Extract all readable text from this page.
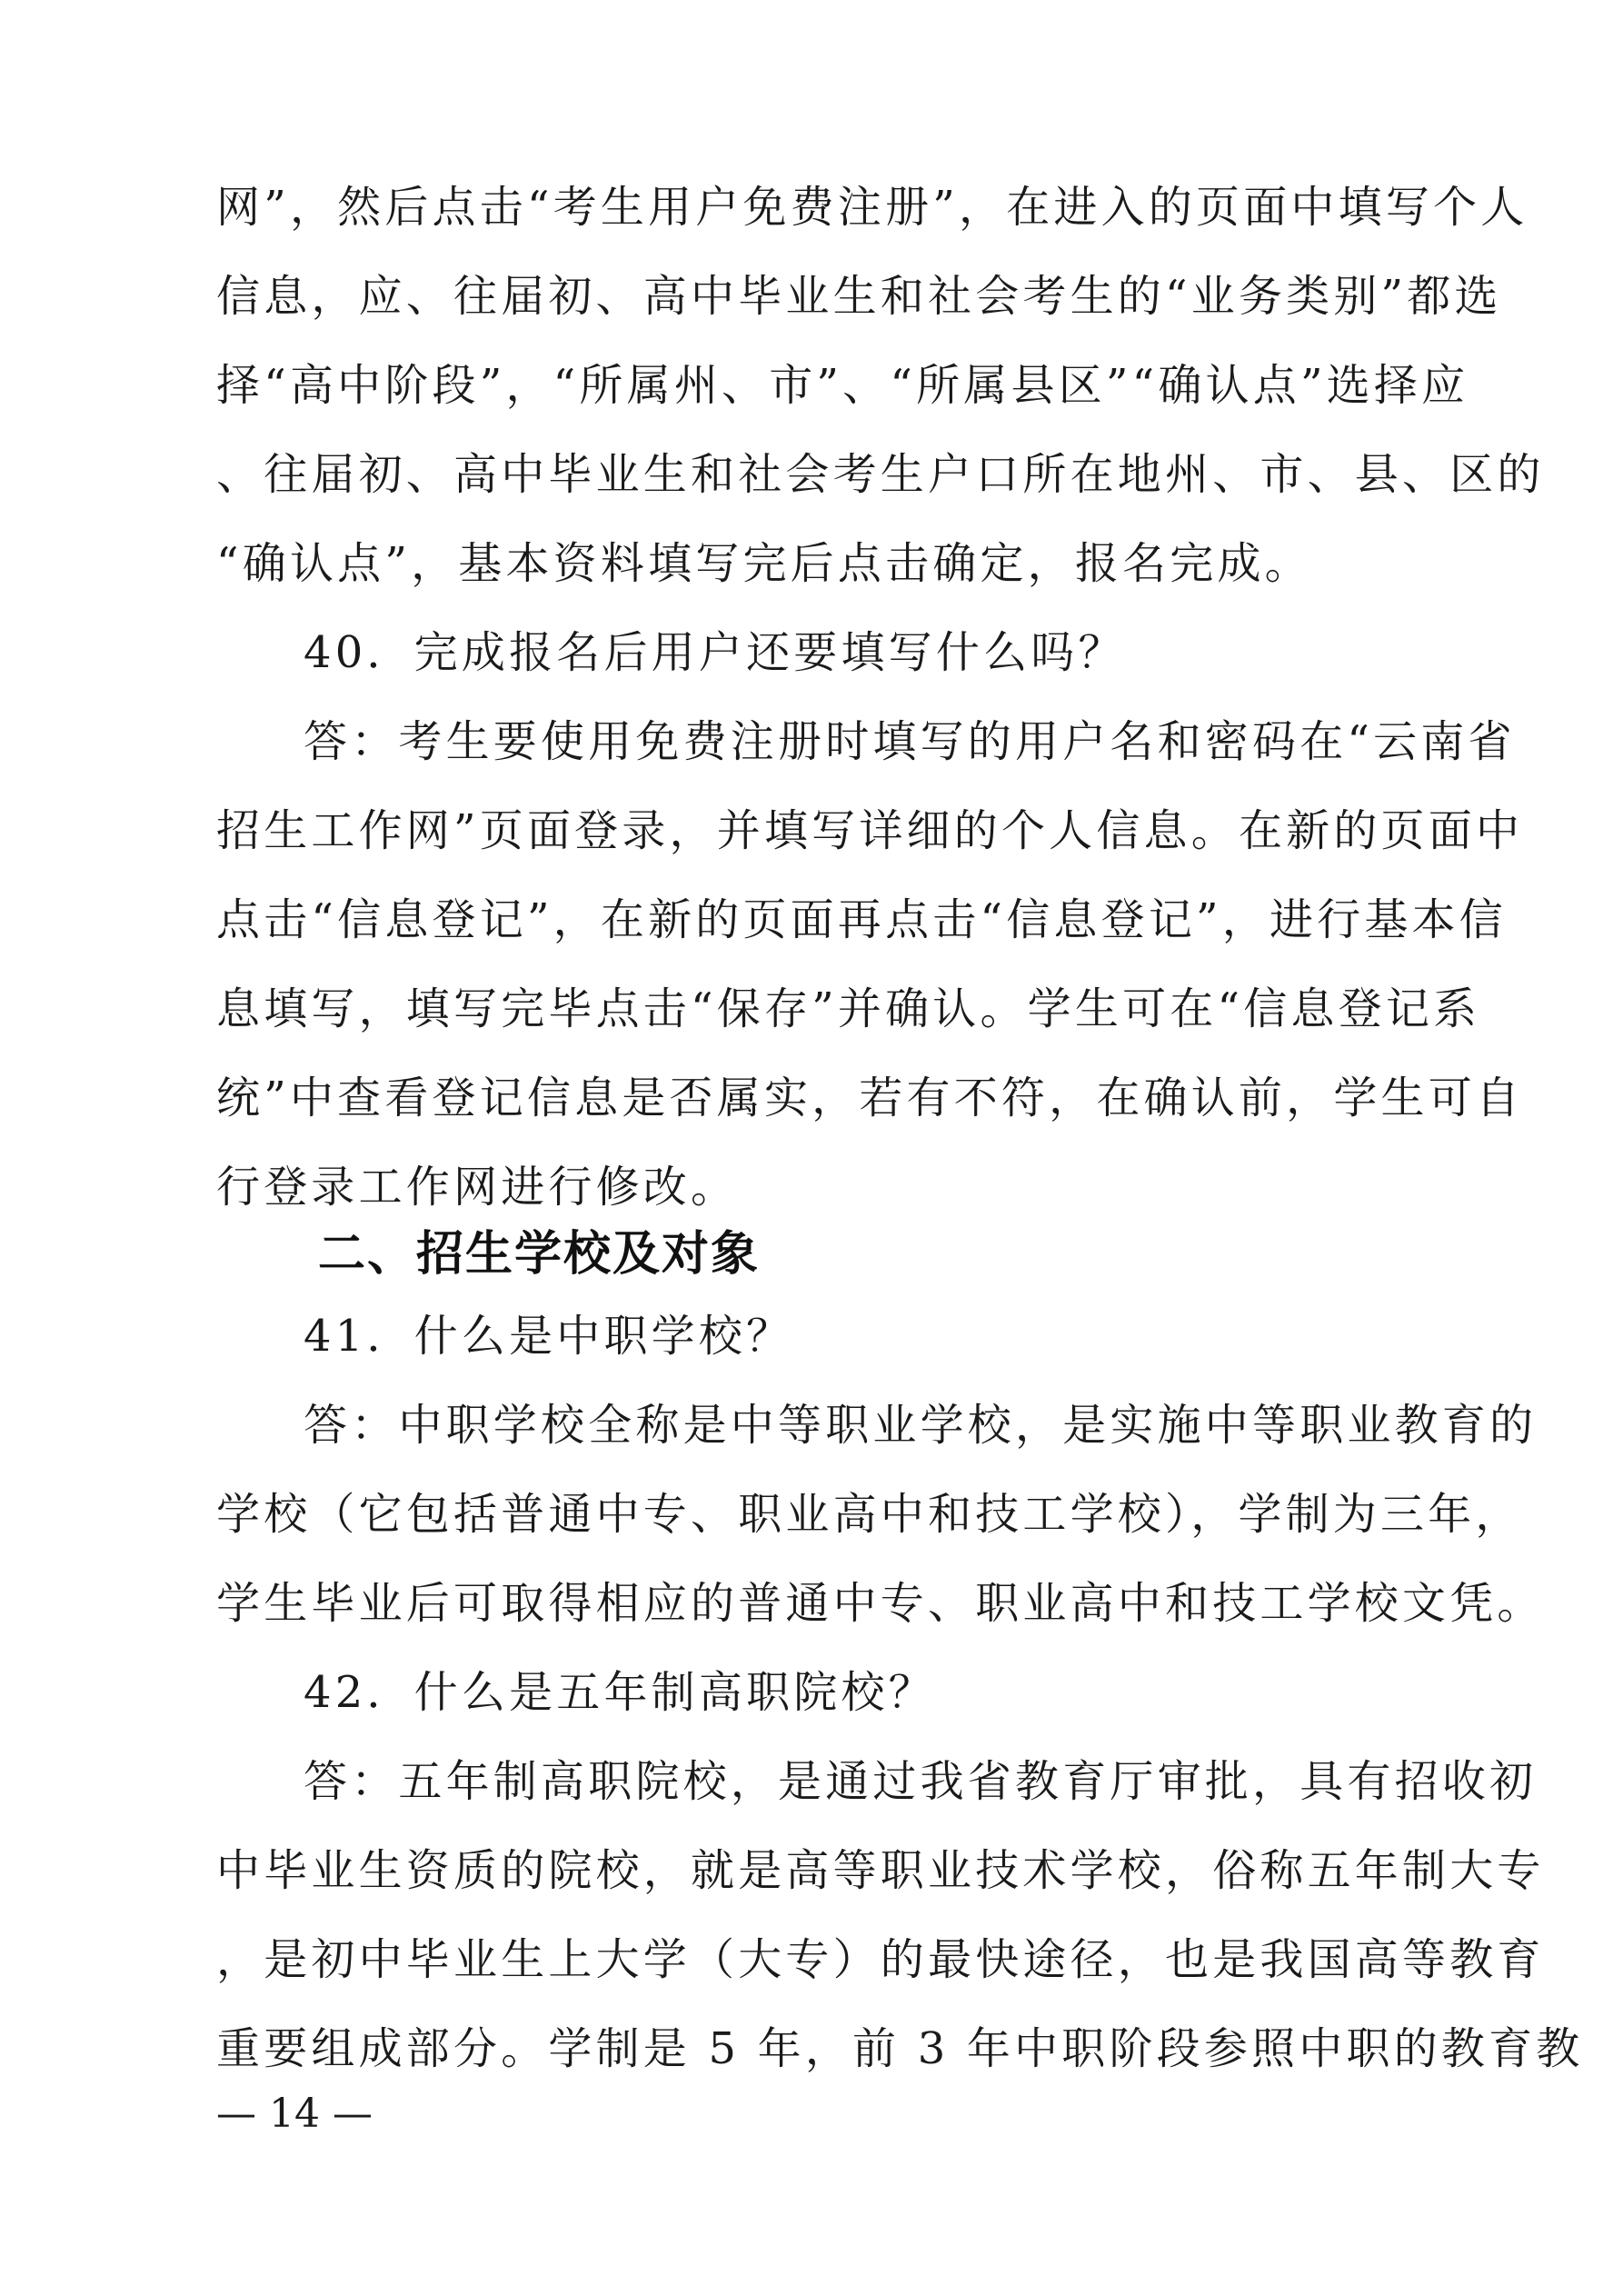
网”，然后点击“考生用户免费注册”，在进入的页面中填写个人
信息，应、往届初、高中毕业生和社会考生的“业务类别”都选
择“高中阶段”，“所属州、市”、“所属县区”“确认点”选择应
、往届初、高中毕业生和社会考生户口所在地州、市、县、区的
“确认点”，基本资料填写完后点击确定，报名完成。
40．完成报名后用户还要填写什么吗？
答：考生要使用免费注册时填写的用户名和密码在“云南省
招生工作网”页面登录，并填写详细的个人信息。在新的页面中
点击“信息登记”，在新的页面再点击“信息登记”，进行基本信
息填写，填写完毕点击“保存”并确认。学生可在“信息登记系
统”中查看登记信息是否属实，若有不符，在确认前，学生可自
行登录工作网进行修改。
41．什么是中职学校？
答：中职学校全称是中等职业学校，是实施中等职业教育的
学校（它包括普通中专、职业高中和技工学校），学制为三年，
学生毕业后可取得相应的普通中专、职业高中和技工学校文凭。
42．什么是五年制高职院校？
答：五年制高职院校，是通过我省教育厅审批，具有招收初
中毕业生资质的院校，就是高等职业技术学校，俗称五年制大专
，是初中毕业生上大学（大专）的最快途径，也是我国高等教育
重要组成部分。学制是 5 年，前 3 年中职阶段参照中职的教育教
二、招生学校及对象
— 14 —
